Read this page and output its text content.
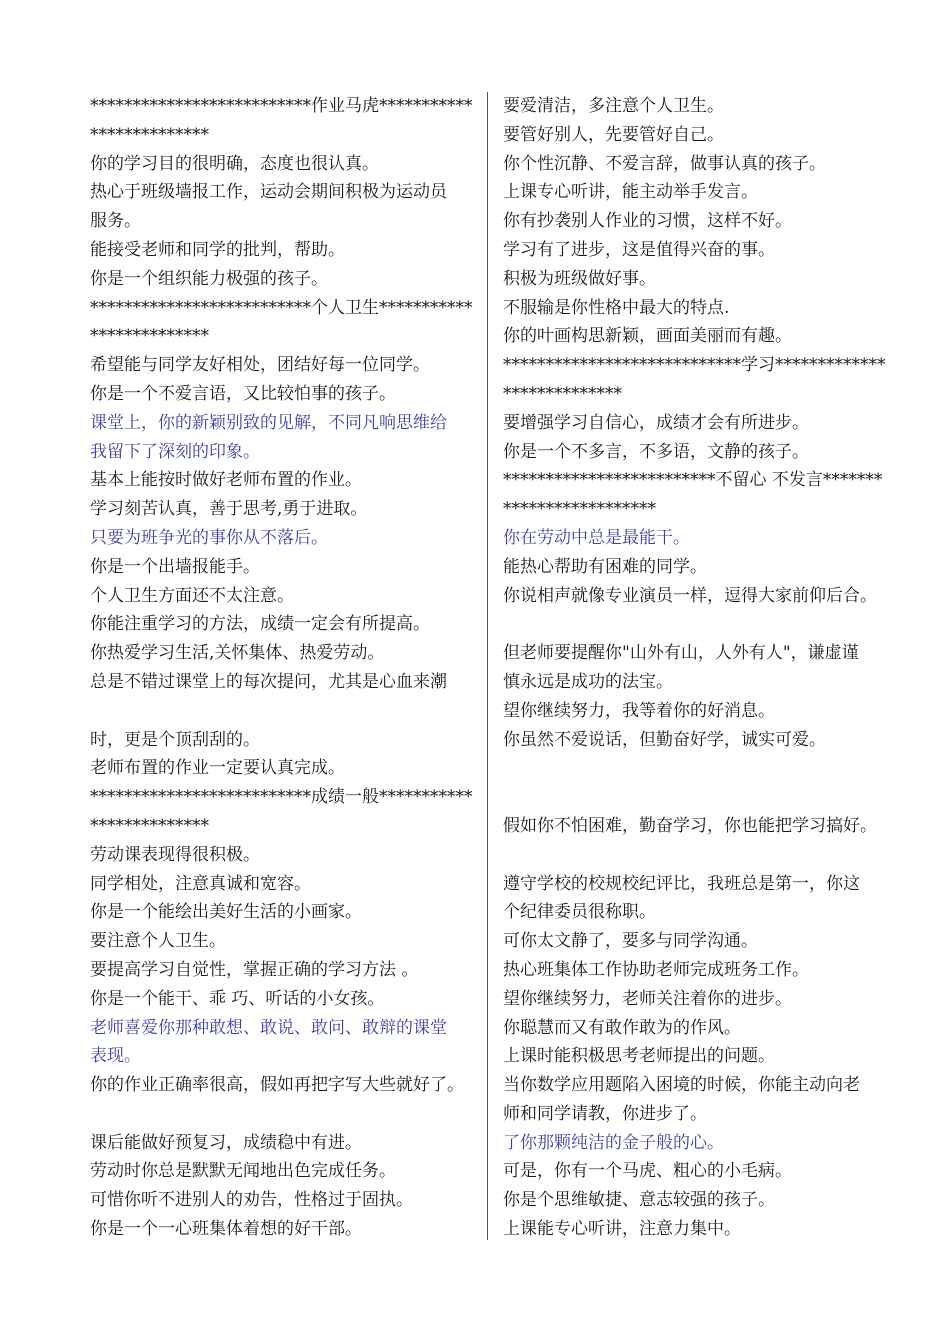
**************************作业马虎***********
**************
你的学习目的很明确，态度也很认真。
热心于班级墙报工作，运动会期间积极为运动员
服务。
能接受老师和同学的批判，帮助。
你是一个组织能力极强的孩子。
**************************个人卫生***********
**************
希望能与同学友好相处，团结好每一位同学。
你是一个不爱言语，又比较怕事的孩子。
课堂上，你的新颖别致的见解，不同凡响思维给
我留下了深刻的印象。
基本上能按时做好老师布置的作业。
学习刻苦认真，善于思考,勇于进取。
只要为班争光的事你从不落后。
你是一个出墙报能手。
个人卫生方面还不太注意。
你能注重学习的方法，成绩一定会有所提高。
你热爱学习生活,关怀集体、热爱劳动。
总是不错过课堂上的每次提问，尤其是心血来潮
时，更是个顶刮刮的。
老师布置的作业一定要认真完成。
**************************成绩一般***********
**************
劳动课表现得很积极。
同学相处，注意真诚和宽容。
你是一个能绘出美好生活的小画家。
要注意个人卫生。
要提高学习自觉性，掌握正确的学习方法 。
你是一个能干、乖 巧、听话的小女孩。
老师喜爱你那种敢想、敢说、敢问、敢辩的课堂
表现。
你的作业正确率很高，假如再把字写大些就好了。
课后能做好预复习，成绩稳中有进。
劳动时你总是默默无闻地出色完成任务。
可惜你听不进别人的劝告，性格过于固执。
你是一个一心班集体着想的好干部。
要爱清洁，多注意个人卫生。
要管好别人，先要管好自己。
你个性沉静、不爱言辞，做事认真的孩子。
上课专心听讲，能主动举手发言。
你有抄袭别人作业的习惯，这样不好。
学习有了进步，这是值得兴奋的事。
积极为班级做好事。
不服输是你性格中最大的特点.
你的叶画构思新颖，画面美丽而有趣。
****************************学习*************
**************
要增强学习自信心，成绩才会有所进步。
你是一个不多言，不多语，文静的孩子。
*************************不留心 不发言*******
******************
你在劳动中总是最能干。
能热心帮助有困难的同学。
你说相声就像专业演员一样，逗得大家前仰后合。
但老师要提醒你"山外有山，人外有人"，谦虚谨
慎永远是成功的法宝。
望你继续努力，我等着你的好消息。
你虽然不爱说话，但勤奋好学，诚实可爱。
假如你不怕困难，勤奋学习，你也能把学习搞好。
遵守学校的校规校纪评比，我班总是第一，你这
个纪律委员很称职。
可你太文静了，要多与同学沟通。
热心班集体工作协助老师完成班务工作。
望你继续努力，老师关注着你的进步。
你聪慧而又有敢作敢为的作风。
上课时能积极思考老师提出的问题。
当你数学应用题陷入困境的时候，你能主动向老
师和同学请教，你进步了。
了你那颗纯洁的金子般的心。
可是，你有一个马虎、粗心的小毛病。
你是个思维敏捷、意志较强的孩子。
上课能专心听讲，注意力集中。
